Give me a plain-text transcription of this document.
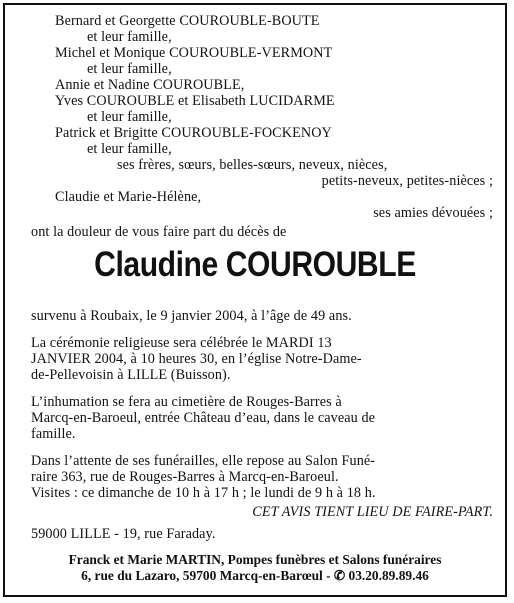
Bernard et Georgette COUROUBLE-BOUTE
et leur famille,
Michel et Monique COUROUBLE-VERMONT
et leur famille,
Annie et Nadine COUROUBLE,
Yves COUROUBLE et Elisabeth LUCIDARME
et leur famille,
Patrick et Brigitte COUROUBLE-FOCKENOY
et leur famille,
ses frères, sœurs, belles-sœurs, neveux, nièces,
petits-neveux, petites-nièces ;
Claudie et Marie-Hélène,
ses amies dévouées ;
ont la douleur de vous faire part du décès de
Claudine COUROUBLE
survenu à Roubaix, le 9 janvier 2004, à l’âge de 49 ans.
La cérémonie religieuse sera célébrée le MARDI 13
JANVIER 2004, à 10 heures 30, en l’église Notre-Dame-
de-Pellevoisin à LILLE (Buisson).
L’inhumation se fera au cimetière de Rouges-Barres à
Marcq-en-Baroeul, entrée Château d’eau, dans le caveau de
famille.
Dans l’attente de ses funérailles, elle repose au Salon Funé-
raire 363, rue de Rouges-Barres à Marcq-en-Baroeul.
Visites : ce dimanche de 10 h à 17 h ; le lundi de 9 h à 18 h.
CET AVIS TIENT LIEU DE FAIRE-PART.
59000 LILLE - 19, rue Faraday.
Franck et Marie MARTIN, Pompes funèbres et Salons funéraires
6, rue du Lazaro, 59700 Marcq-en-Barœul - ✆ 03.20.89.89.46
